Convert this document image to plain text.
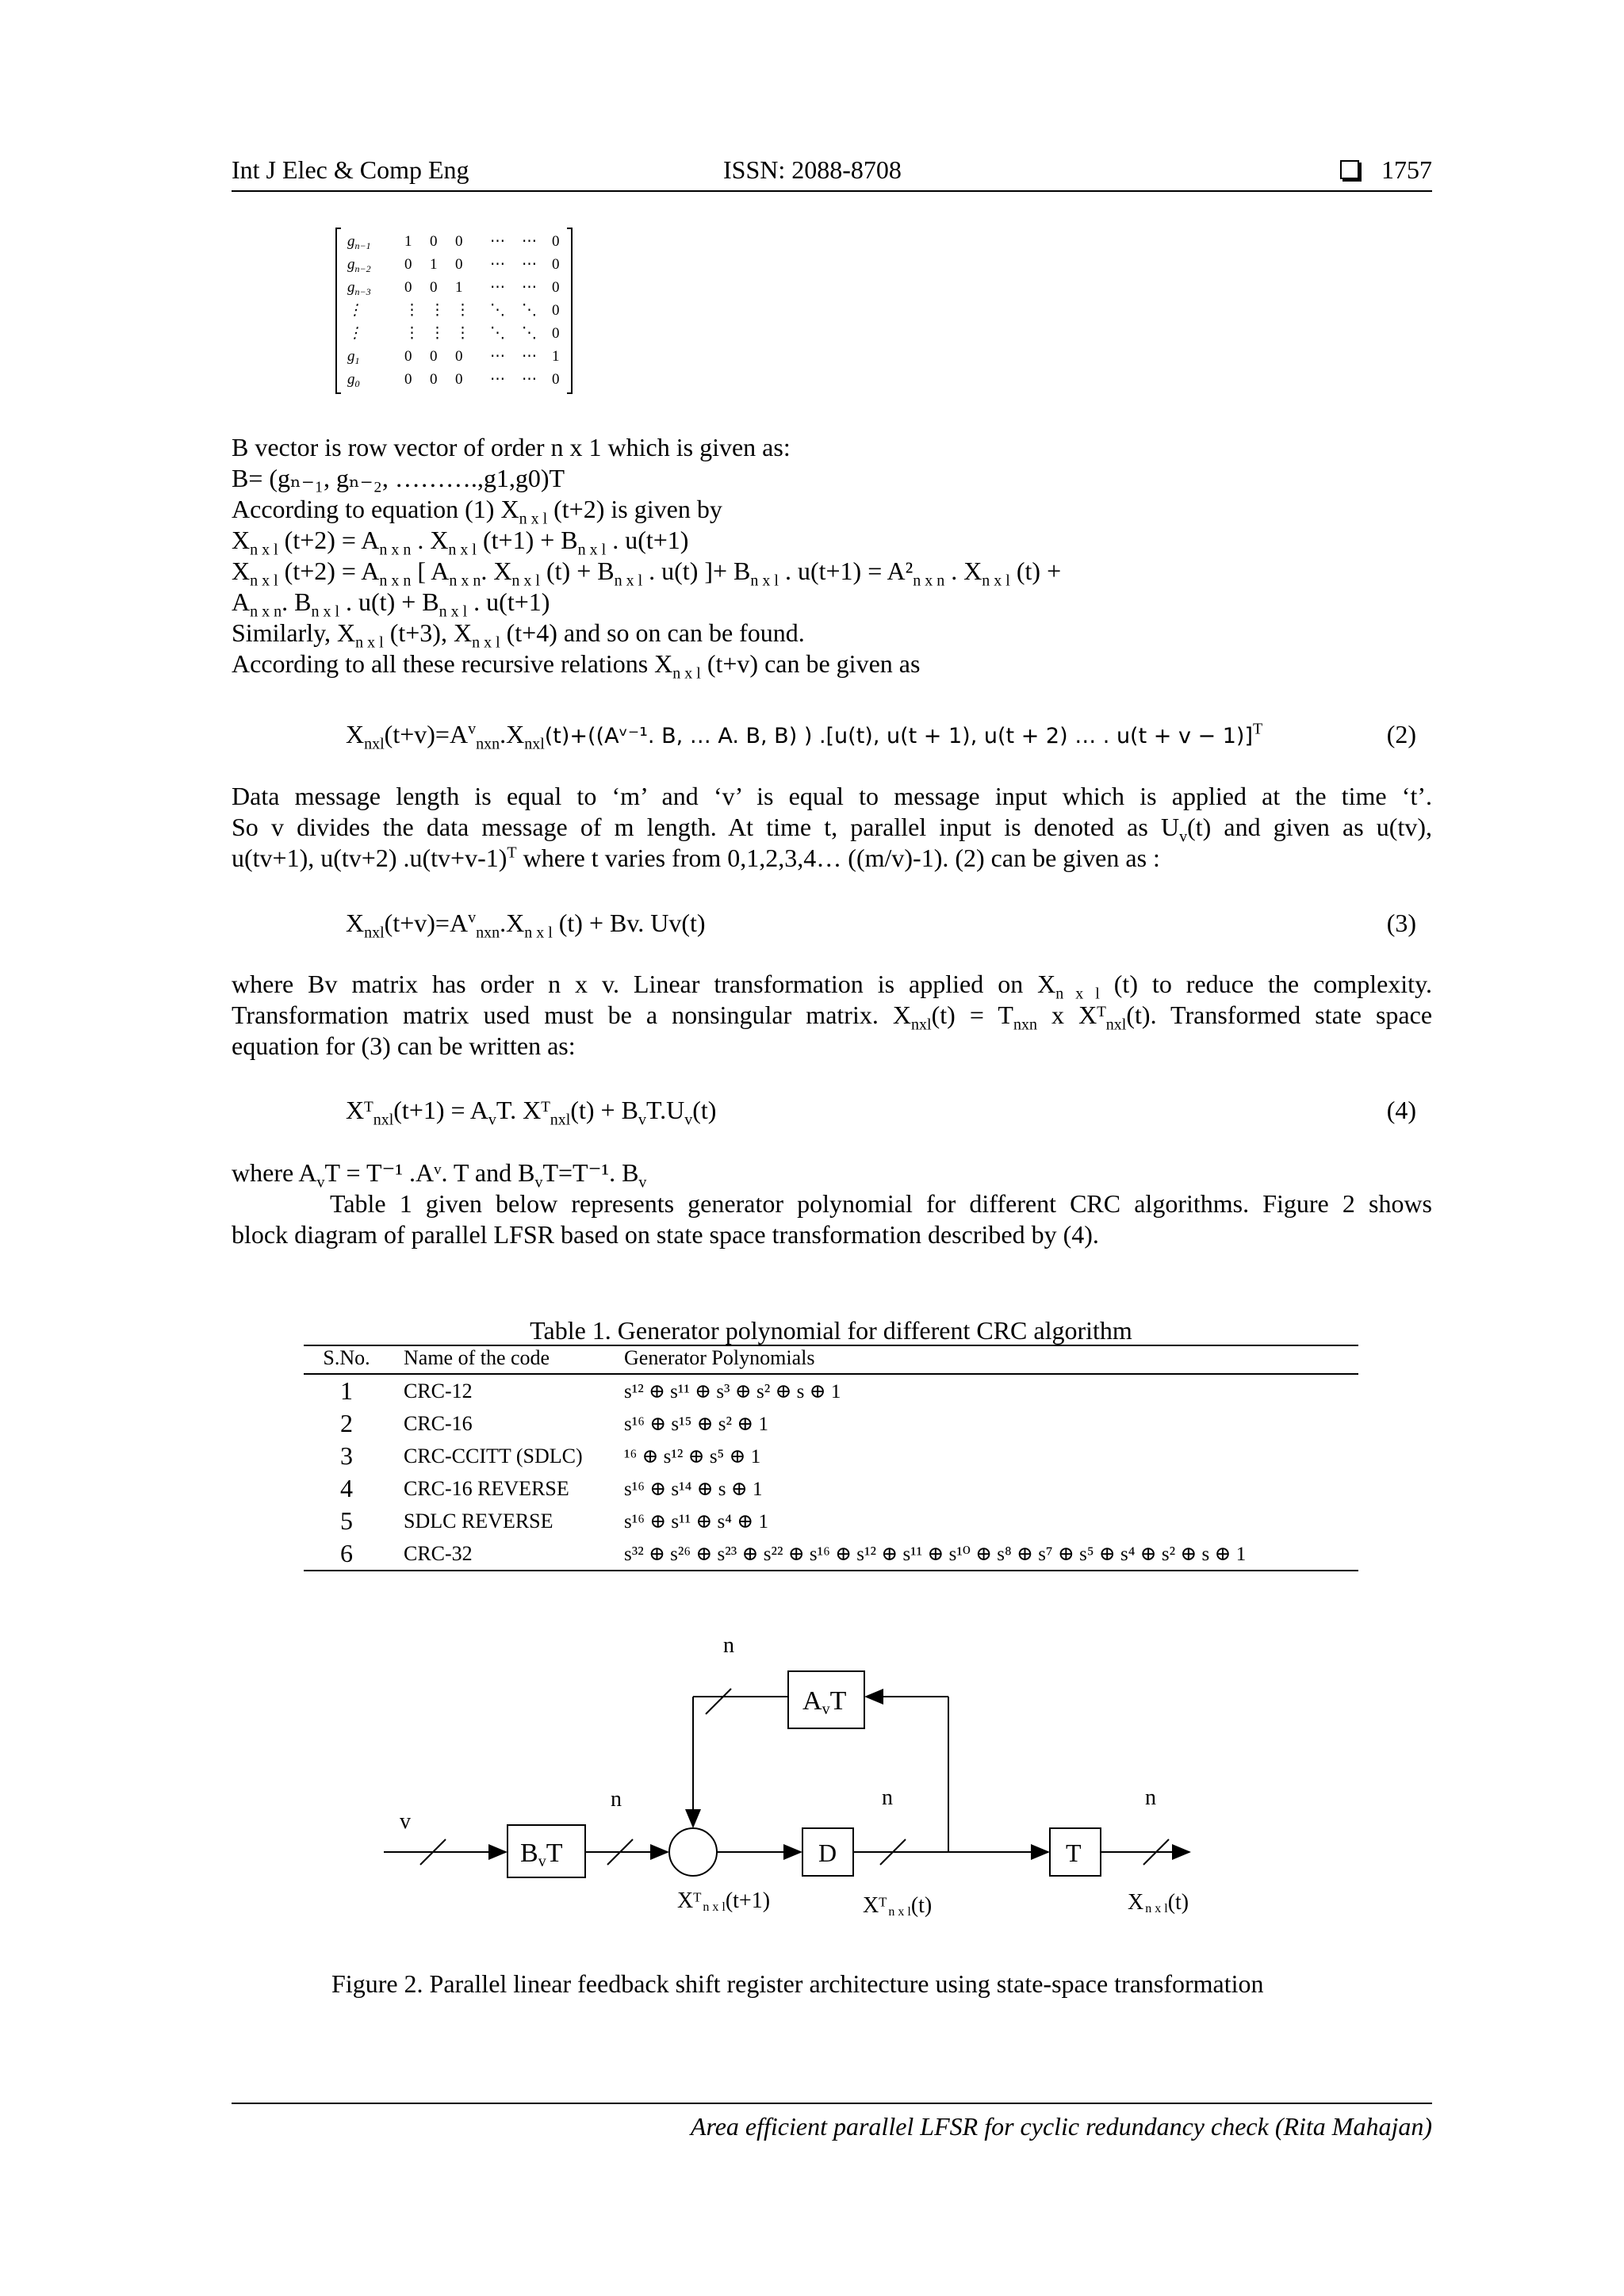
Int J Elec & Comp Eng	ISSN: 2088-8708	1757
$g_{n-1}$ 1 0 0 ⋯ ⋯ 0
$g_{n-2}$ 0 1 0 ⋯ ⋯ 0
$g_{n-3}$ 0 0 1 ⋯ ⋯ 0
⋮	⋮ ⋮ ⋮ ⋱ ⋱ 0
⋮	⋮ ⋮ ⋮ ⋱ ⋱ 0
$g_1$	0 0 0 ⋯ ⋯ 1
$g_0$	0 0 0 ⋯ ⋯ 0
B vector is row vector of order n x 1 which is given as:
B= (gₙ₋₁, gₙ₋₂, ……….,g1,g0)T
According to equation (1) $X_{n x l}$ (t+2) is given by
$X_{n x l}$ $(t+2) = A_{n x n}$ . $X_{n x l}$ $(t+1) + B_{n x l}$ . u(t+1)
$X_{n x l}$ $(t+2) = A_{n x n}$ [ $A_{n x n}$. $X_{n x l}$ $(t) + B_{n x l}$ . u(t) ]+ $B_{n x l}$ . $u(t+1) = A^2_{n x n}$ . $X_{n x l}$ (t) +
$A_{n x n}$. $B_{n x l}$ . $u(t) + B_{n x l}$ . u(t+1)
Similarly, $X_{n x l}$ (t+3), $X_{n x l}$ (t+4) and so on can be found.
According to all these recursive relations $X_{n x l}$ (t+v) can be given as
$X_{nxl}(t+v)=A^v_{nxn}.X_{nxl}(t)+((Aᵛ^{-1}$. B, … A. B, B) ) .[u(t), u(t + 1), u(t + 2) … . u(t + v − 1)]$^T$	(2)
Data message length is equal to ‘m’ and ‘v’ is equal to message input which is applied at the time ‘t’.
So v divides the data message of m length. At time t, parallel input is denoted as $U_v(t)$ and given as u(tv),
u(tv+1), u(tv+2) $.u(tv+v-1)^T$ where t varies from 0,1,2,3,4… ((m/v)-1). (2) can be given as :
$X_{nxl}(t+v)=A^v_{nxn}.X_{n x l}$ (t) + Bv. Uv(t)	(3)
where Bv matrix has order n x v. Linear transformation is applied on $X_{n x l}$ (t) to reduce the complexity.
Transformation matrix used must be a nonsingular matrix. $X_{nxl}(t) = T_{nxn}$ x Xᵀ$_{nxl}$(t). Transformed state space
equation for (3) can be written as:
Xᵀ$_{nxl}$(t+1) = $A_vT$. Xᵀ$_{nxl}$(t) + $B_vT.U_v(t)$	(4)
where $A_vT = T^{-1}$ .Aᵛ. T and $B_vT=T^{-1}$. $B_v$
Table 1 given below represents generator polynomial for different CRC algorithms. Figure 2 shows
block diagram of parallel LFSR based on state space transformation described by (4).
Table 1. Generator polynomial for different CRC algorithm
S.No.	Name of the code	Generator Polynomials
1	CRC-12	s¹² ⊕ s¹¹ ⊕ s³ ⊕ s² ⊕ s ⊕ 1
2	CRC-16	s¹⁶ ⊕ s¹⁵ ⊕ s² ⊕ 1
3	CRC-CCITT (SDLC)	¹⁶ ⊕ s¹² ⊕ s⁵ ⊕ 1
4	CRC-16 REVERSE	s¹⁶ ⊕ s¹⁴ ⊕ s ⊕ 1
5	SDLC REVERSE	s¹⁶ ⊕ s¹¹ ⊕ s⁴ ⊕ 1
6	CRC-32	s³² ⊕ s²⁶ ⊕ s²³ ⊕ s²² ⊕ s¹⁶ ⊕ s¹² ⊕ s¹¹ ⊕ s¹⁰ ⊕ s⁸ ⊕ s⁷ ⊕ s⁵ ⊕ s⁴ ⊕ s² ⊕ s ⊕ 1
n
v
n	n	n
AvT
BvT	D	T
Xᵀ n x l(t+1)	Xᵀ n x l(t)	Xn x l(t)
Figure 2. Parallel linear feedback shift register architecture using state-space transformation
Area efficient parallel LFSR for cyclic redundancy check (Rita Mahajan)
